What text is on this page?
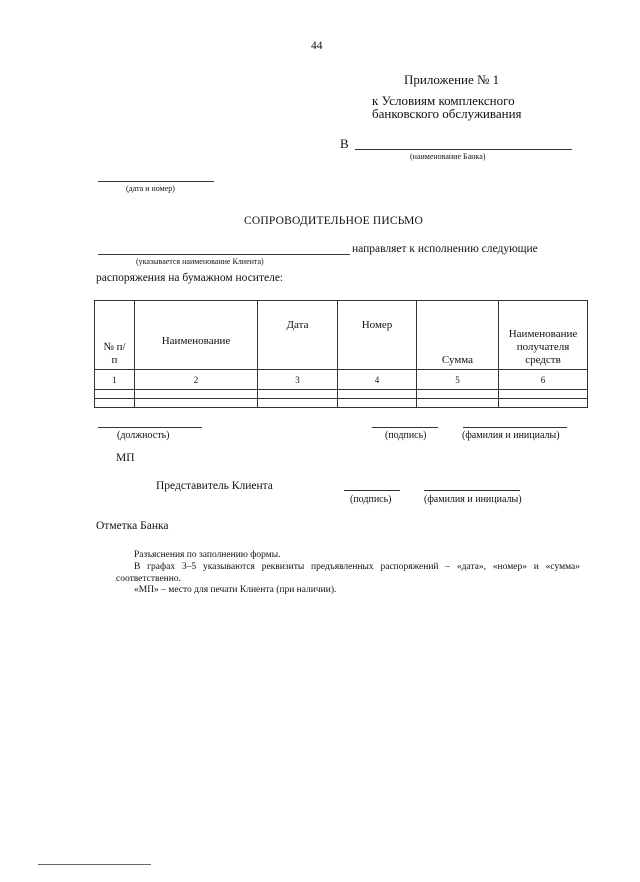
44
Приложение № 1
к Условиям комплексного
банковского обслуживания
В
(наименование Банка)
(дата и номер)
СОПРОВОДИТЕЛЬНОЕ ПИСЬМО
(указывается наименование Клиента)
направляет к исполнению следующие
распоряжения на бумажном носителе:
№ п/п	Наименование	Дата	Номер	Сумма	Наименование получателя средств
1	2	3	4	5	6

(должность)	(подпись)	(фамилия и инициалы)
МП
Представитель Клиента
(подпись)	(фамилия и инициалы)
Отметка Банка
Разъяснения по заполнению формы.
В графах 3–5 указываются реквизиты предъявленных распоряжений – «дата», «номер» и «сумма»
соответственно.
«МП» – место для печати Клиента (при наличии).
